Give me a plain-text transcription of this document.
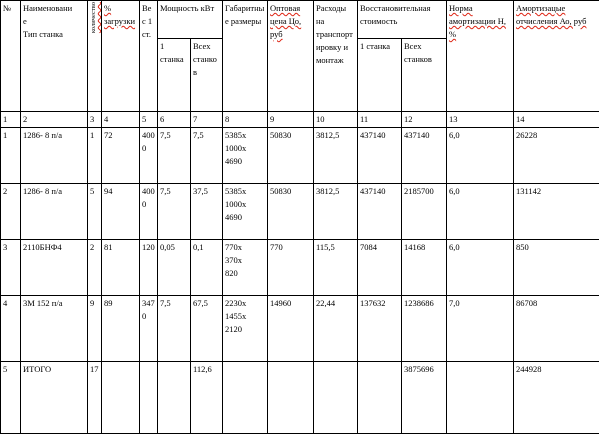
№	Наименовани
е
Тип станка	количество	% загрузки	Вес 1 ст.	Мощность кВт		Габаритные размеры	Оптовая цена Цо, руб	Расходы на транспорт ировку и монтаж	Восстановительная стоимость		Норма амортизации Н, %	Амортизацые отчисления Ао, руб
					1 станка	Всех станков				1 станка	Всех станков		
1	2	3	4	5	6	7	8	9	10	11	12	13	14
1	1286- 8 п/а	1	72	4000	7,5	7,5	5385х
1000х
4690	50830	3812,5	437140	437140	6,0	26228
2	1286- 8 п/а	5	94	4000	7,5	37,5	5385х
1000х
4690	50830	3812,5	437140	2185700	6,0	131142
3	2110БНФ4	2	81	120	0,05	0,1	770х
370х
820	770	115,5	7084	14168	6,0	850
4	3М 152 п/а	9	89	3470	7,5	67,5	2230х
1455х
2120	14960	22,44	137632	1238686	7,0	86708
5	ИТОГО	17				112,6					3875696		244928
